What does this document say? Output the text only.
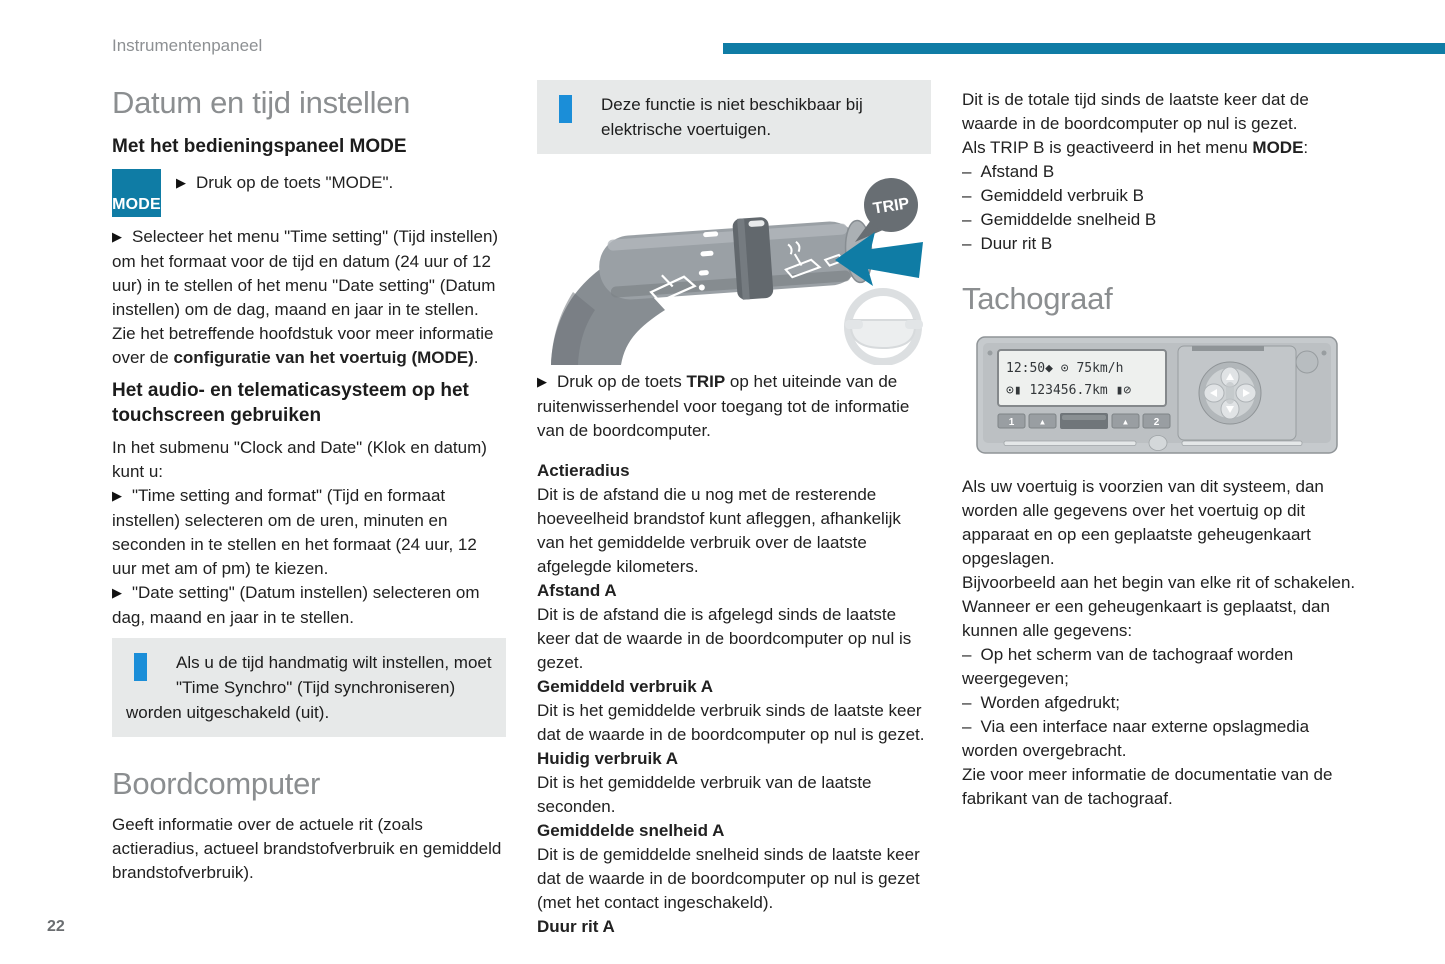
Instrumentenpaneel
Datum en tijd instellen
Met het bedieningspaneel MODE
MODE

▶ Druk op de toets "MODE".

▶ Selecteer het menu "Time setting" (Tijd instellen) om het formaat voor de tijd en datum (24 uur of 12 uur) in te stellen of het menu "Date setting" (Datum instellen) om de dag, maand en jaar in te stellen. Zie het betreffende hoofdstuk voor meer informatie over de configuratie van het voertuig (MODE).

Het audio- en telematicasysteem op het touchscreen gebruiken

In het submenu "Clock and Date" (Klok en datum) kunt u:

▶ "Time setting and format" (Tijd en formaat instellen) selecteren om de uren, minuten en seconden in te stellen en het formaat (24 uur, 12 uur met am of pm) te kiezen.

▶ "Date setting" (Datum instellen) selecteren om dag, maand en jaar in te stellen.

Als u de tijd handmatig wilt instellen, moet "Time Synchro" (Tijd synchroniseren) worden uitgeschakeld (uit).
Boordcomputer

Geeft informatie over de actuele rit (zoals actieradius, actueel brandstofverbruik en gemiddeld brandstofverbruik).

Deze functie is niet beschikbaar bij elektrische voertuigen.
TRIP

▶ Druk op de toets TRIP op het uiteinde van de ruitenwisserhendel voor toegang tot de informatie van de boordcomputer.

Actieradius
Dit is de afstand die u nog met de resterende hoeveelheid brandstof kunt afleggen, afhankelijk van het gemiddelde verbruik over de laatste afgelegde kilometers.
Afstand A
Dit is de afstand die is afgelegd sinds de laatste keer dat de waarde in de boordcomputer op nul is gezet.
Gemiddeld verbruik A
Dit is het gemiddelde verbruik sinds de laatste keer dat de waarde in de boordcomputer op nul is gezet.
Huidig verbruik A
Dit is het gemiddelde verbruik van de laatste seconden.
Gemiddelde snelheid A
Dit is de gemiddelde snelheid sinds de laatste keer dat de waarde in de boordcomputer op nul is gezet (met het contact ingeschakeld).
Duur rit A

Dit is de totale tijd sinds de laatste keer dat de waarde in de boordcomputer op nul is gezet.

Als TRIP B is geactiveerd in het menu MODE:

– Afstand B

– Gemiddeld verbruik B

– Gemiddelde snelheid B

– Duur rit B

Tachograaf
12:50◆ ⊙ 75km/h
⊙▮ 123456.7km ▮⊘
1	▲	▲ 2

Als uw voertuig is voorzien van dit systeem, dan worden alle gegevens over het voertuig op dit apparaat en op een geplaatste geheugenkaart opgeslagen.

Bijvoorbeeld aan het begin van elke rit of schakelen.

Wanneer er een geheugenkaart is geplaatst, dan kunnen alle gegevens:

– Op het scherm van de tachograaf worden weergegeven;

– Worden afgedrukt;

– Via een interface naar externe opslagmedia worden overgebracht.

Zie voor meer informatie de documentatie van de fabrikant van de tachograaf.

22
